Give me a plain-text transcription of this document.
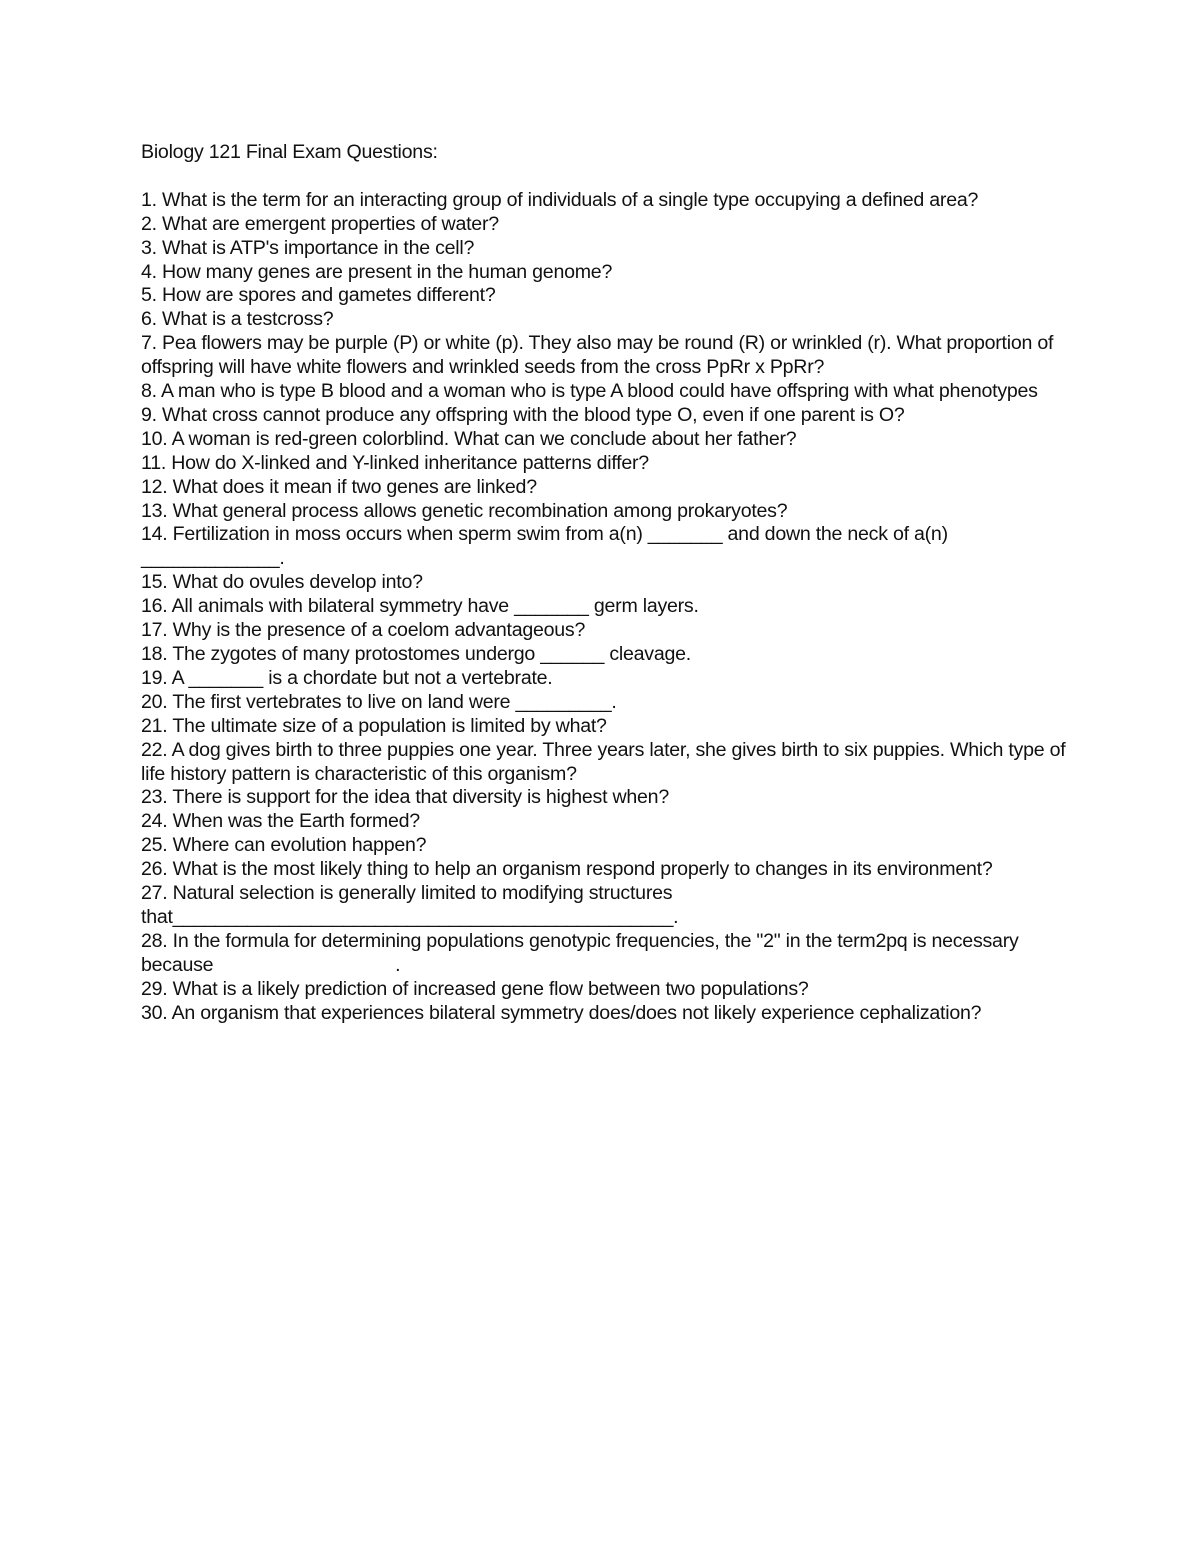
Biology 121 Final Exam Questions:

1. What is the term for an interacting group of individuals of a single type occupying a defined area?

2. What are emergent properties of water?

3. What is ATP's importance in the cell?

4. How many genes are present in the human genome?

5. How are spores and gametes different?

6. What is a testcross?

7. Pea flowers may be purple (P) or white (p). They also may be round (R) or wrinkled (r). What proportion of offspring will have white flowers and wrinkled seeds from the cross PpRr x PpRr?

8. A man who is type B blood and a woman who is type A blood could have offspring with what phenotypes

9. What cross cannot produce any offspring with the blood type O, even if one parent is O?

10. A woman is red-green colorblind. What can we conclude about her father?

11. How do X-linked and Y-linked inheritance patterns differ?

12. What does it mean if two genes are linked?

13. What general process allows genetic recombination among prokaryotes?

14. Fertilization in moss occurs when sperm swim from a(n) _______ and down the neck of a(n) _____________.

15. What do ovules develop into?

16. All animals with bilateral symmetry have _______ germ layers.

17. Why is the presence of a coelom advantageous?

18. The zygotes of many protostomes undergo ______ cleavage.

19. A _______ is a chordate but not a vertebrate.

20. The first vertebrates to live on land were _________.

21. The ultimate size of a population is limited by what?

22. A dog gives birth to three puppies one year. Three years later, she gives birth to six puppies. Which type of life history pattern is characteristic of this organism?

23. There is support for the idea that diversity is highest when?

24. When was the Earth formed?

25. Where can evolution happen?

26. What is the most likely thing to help an organism respond properly to changes in its environment?

27. Natural selection is generally limited to modifying structures that_______________________________________________.

28. In the formula for determining populations genotypic frequencies, the "2" in the term2pq is necessary because                                   .

29. What is a likely prediction of increased gene flow between two populations?

30. An organism that experiences bilateral symmetry does/does not likely experience cephalization?
